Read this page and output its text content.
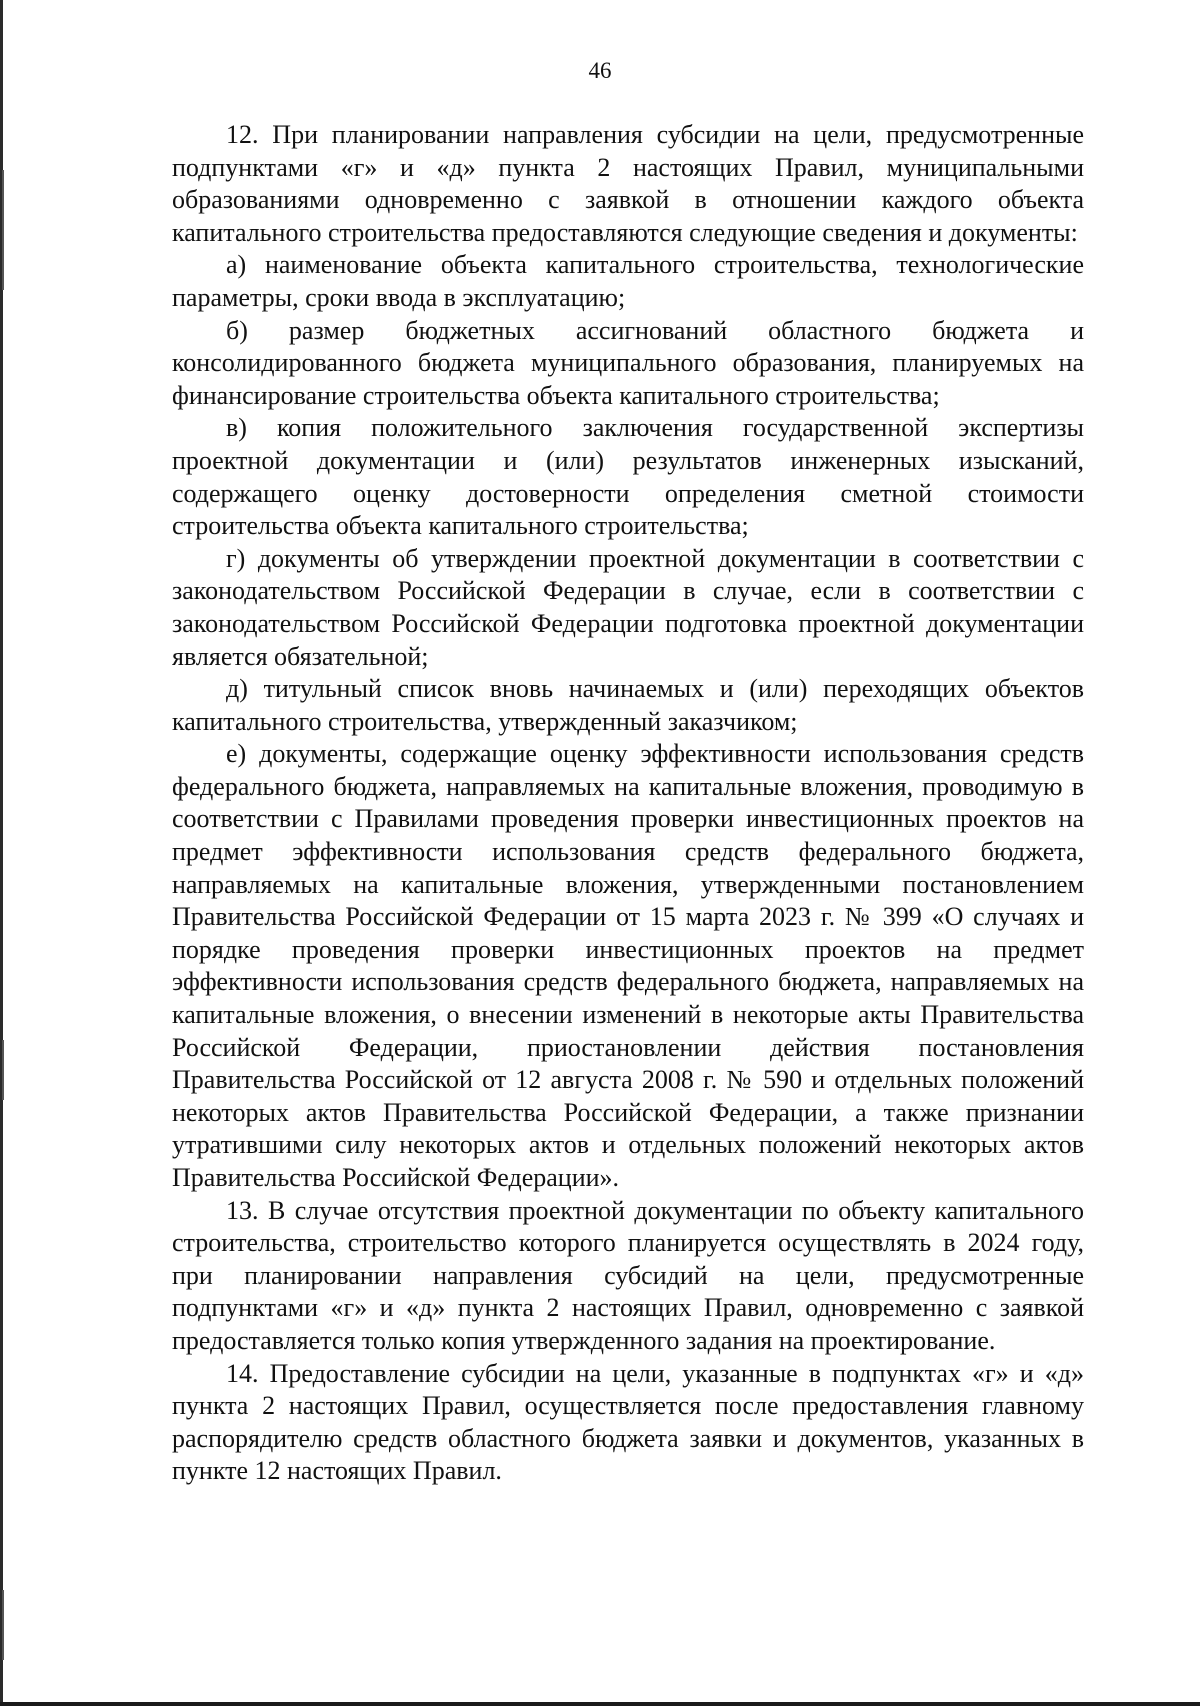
46

12. При планировании направления субсидии на цели, предусмотренные подпунктами «г» и «д» пункта 2 настоящих Правил, муниципальными образованиями одновременно с заявкой в отношении каждого объекта капитального строительства предоставляются следующие сведения и документы:

а) наименование объекта капитального строительства, технологические параметры, сроки ввода в эксплуатацию;

б) размер бюджетных ассигнований областного бюджета и консолидированного бюджета муниципального образования, планируемых на финансирование строительства объекта капитального строительства;

в) копия положительного заключения государственной экспертизы проектной документации и (или) результатов инженерных изысканий, содержащего оценку достоверности определения сметной стоимости строительства объекта капитального строительства;

г) документы об утверждении проектной документации в соответствии с законодательством Российской Федерации в случае, если в соответствии с законодательством Российской Федерации подготовка проектной документации является обязательной;

д) титульный список вновь начинаемых и (или) переходящих объектов капитального строительства, утвержденный заказчиком;

е) документы, содержащие оценку эффективности использования средств федерального бюджета, направляемых на капитальные вложения, проводимую в соответствии с Правилами проведения проверки инвестиционных проектов на предмет эффективности использования средств федерального бюджета, направляемых на капитальные вложения, утвержденными постановлением Правительства Российской Федерации от 15 марта 2023 г. № 399 «О случаях и порядке проведения проверки инвестиционных проектов на предмет эффективности использования средств федерального бюджета, направляемых на капитальные вложения, о внесении изменений в некоторые акты Правительства Российской Федерации, приостановлении действия постановления Правительства Российской от 12 августа 2008 г. № 590 и отдельных положений некоторых актов Правительства Российской Федерации, а также признании утратившими силу некоторых актов и отдельных положений некоторых актов Правительства Российской Федерации».

13. В случае отсутствия проектной документации по объекту капитального строительства, строительство которого планируется осуществлять в 2024 году, при планировании направления субсидий на цели, предусмотренные подпунктами «г» и «д» пункта 2 настоящих Правил, одновременно с заявкой предоставляется только копия утвержденного задания на проектирование.

14. Предоставление субсидии на цели, указанные в подпунктах «г» и «д» пункта 2 настоящих Правил, осуществляется после предоставления главному распорядителю средств областного бюджета заявки и документов, указанных в пункте 12 настоящих Правил.
